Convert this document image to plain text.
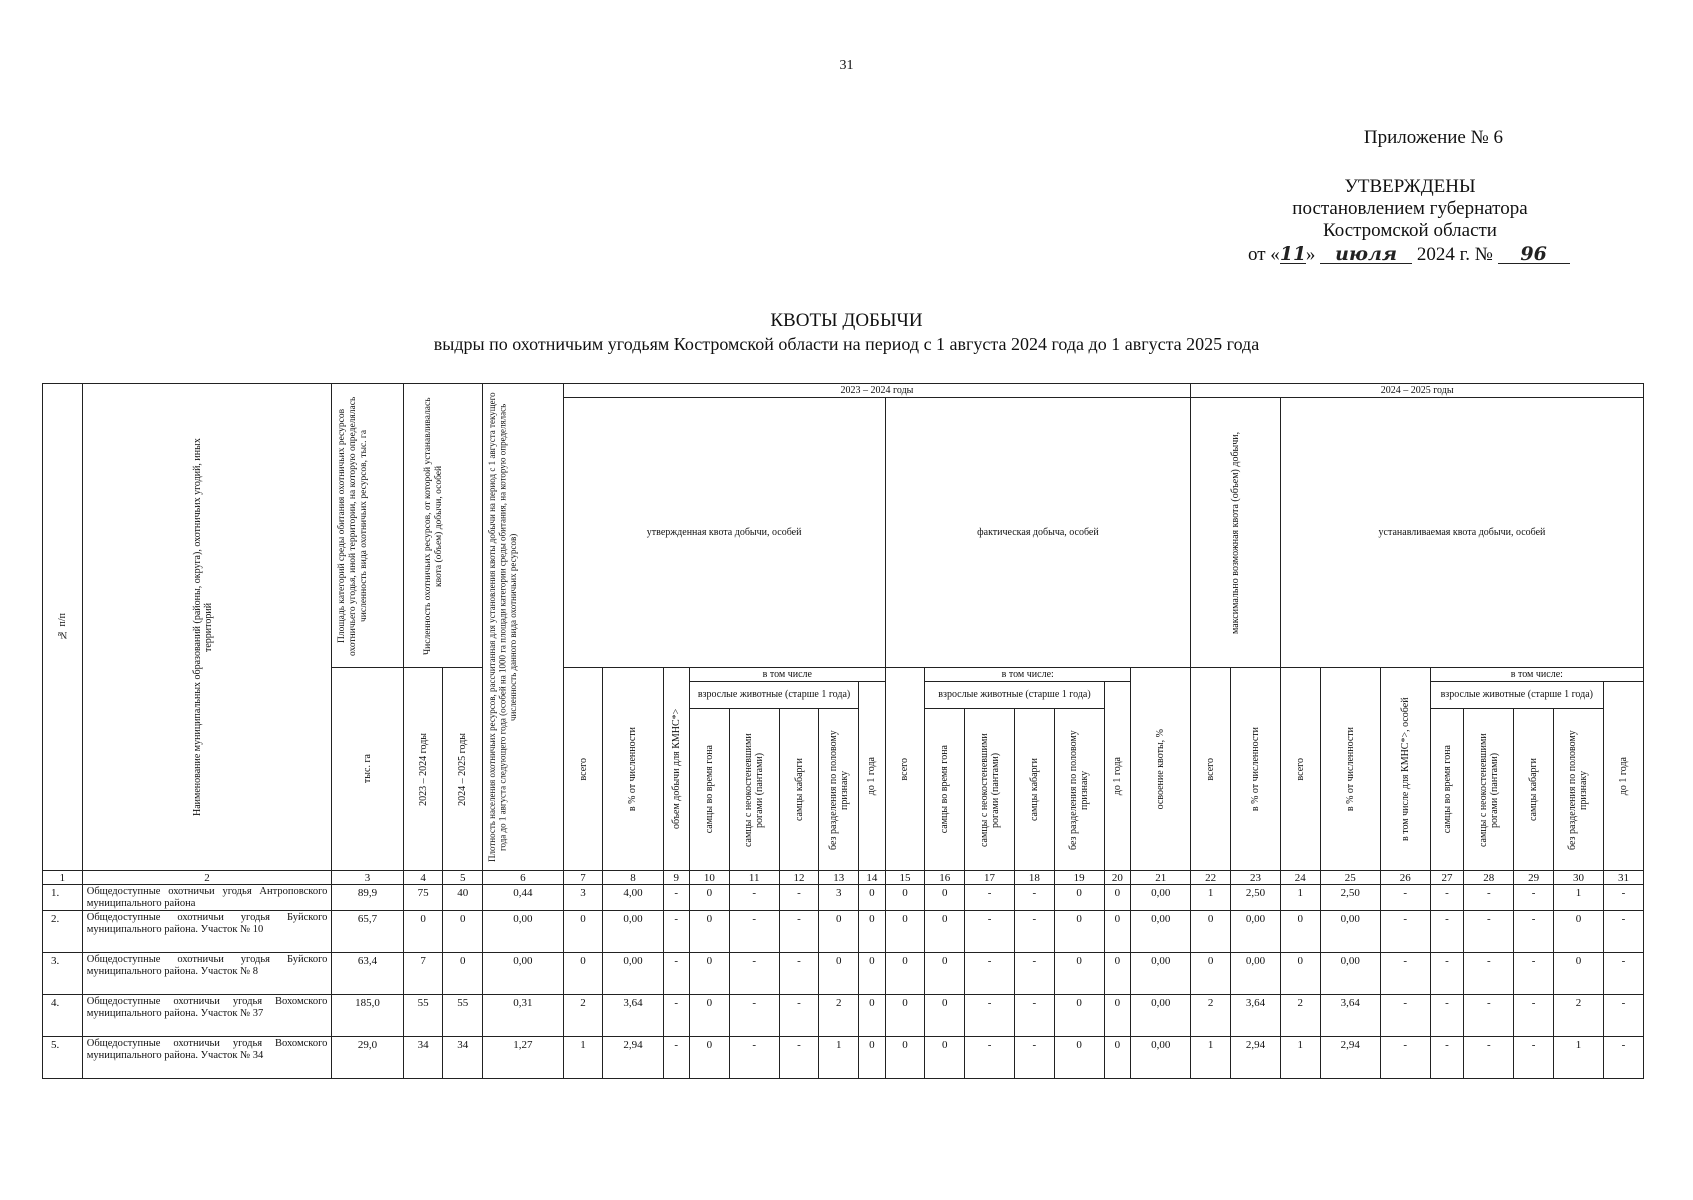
31
Приложение № 6
УТВЕРЖДЕНЫ
постановлением губернатора
Костромской области
от «11» июля 2024 г. № 96
КВОТЫ ДОБЫЧИ
выдры по охотничьим угодьям Костромской области на период с 1 августа 2024 года до 1 августа 2025 года
№ п/п	Наименование муниципальных образований (районы, округа), охотничьих угодий, иных территорий	Площадь категорий среды обитания охотничьих ресурсов охотничьего угодья, иной территории, на которую определялась численность вида охотничьих ресурсов, тыс. га	Численность охотничьих ресурсов, от которой устанавливалась квота (объем) добычи, особей		Плотность населения охотничьих ресурсов, рассчитанная для установления квоты добычи на период с 1 августа текущего года до 1 августа следующего года (особей на 1000 га площади категории среды обитания, на которую определялась численность данного вида охотничьих ресурсов)	2023 – 2024 годы															2024 – 2025 годы									
						утвержденная квота добычи, особей								фактическая добыча, особей							максимально возможная квота (объем) добычи,		устанавливаемая квота добычи, особей							

		тыс. га	2023 – 2024 годы	2024 – 2025 годы		всего	в % от численности	объем добычи для КМНС*>	в том числе					всего	в том числе:					освоение квоты, %	всего	в % от численности	всего	в % от численности	в том числе для КМНС*>, особей	в том числе:				
									взрослые животные (старше 1 года)				до 1 года		взрослые животные (старше 1 года)				до 1 года							взрослые животные (старше 1 года)				до 1 года

									самцы во время гона	самцы с неокостеневшими рогами (пантами)	самцы кабарги	без разделения по половому признаку			самцы во время гона	самцы с неокостеневшими рогами (пантами)	самцы кабарги	без разделения по половому признаку								самцы во время гона	самцы с неокостеневшими рогами (пантами)	самцы кабарги	без разделения по половому признаку	

1	2	3	4	5	6	7	8	9	10	11	12	13	14	15	16	17	18	19	20	21	22	23	24	25	26	27	28	29	30	31
1.	Общедоступные охотничьи угодья Антроповского муниципального района	89,9	75	40	0,44	3	4,00	-	0	-	-	3	0	0	0	-	-	0	0	0,00	1	2,50	1	2,50	-	-	-	-	1	-
2.	Общедоступные охотничьи угодья Буйского муниципального района. Участок № 10	65,7	0	0	0,00	0	0,00	-	0	-	-	0	0	0	0	-	-	0	0	0,00	0	0,00	0	0,00	-	-	-	-	0	-
3.	Общедоступные охотничьи угодья Буйского муниципального района. Участок № 8	63,4	7	0	0,00	0	0,00	-	0	-	-	0	0	0	0	-	-	0	0	0,00	0	0,00	0	0,00	-	-	-	-	0	-
4.	Общедоступные охотничьи угодья Вохомского муниципального района. Участок № 37	185,0	55	55	0,31	2	3,64	-	0	-	-	2	0	0	0	-	-	0	0	0,00	2	3,64	2	3,64	-	-	-	-	2	-
5.	Общедоступные охотничьи угодья Вохомского муниципального района. Участок № 34	29,0	34	34	1,27	1	2,94	-	0	-	-	1	0	0	0	-	-	0	0	0,00	1	2,94	1	2,94	-	-	-	-	1	-
